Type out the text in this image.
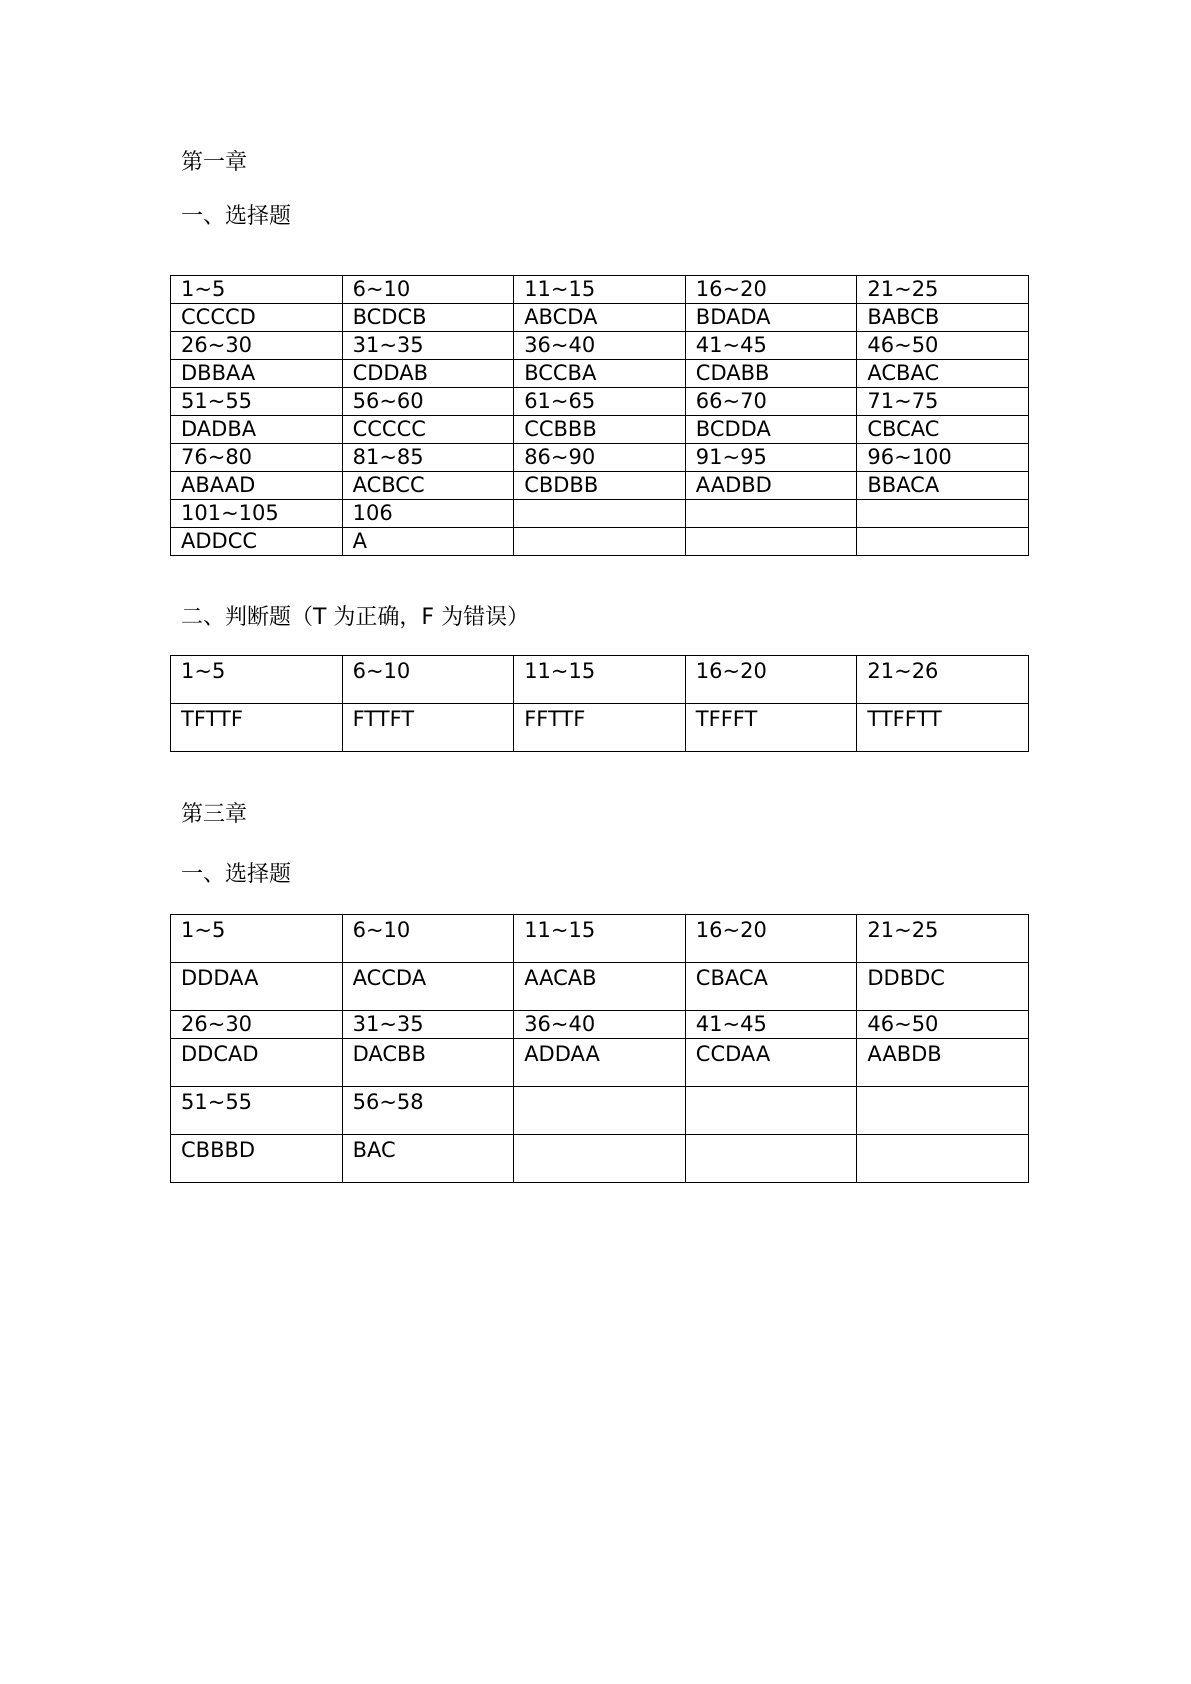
第一章
一、选择题
1~5	6~10	11~15	16~20	21~25
CCCCD	BCDCB	ABCDA	BDADA	BABCB
26~30	31~35	36~40	41~45	46~50
DBBAA	CDDAB	BCCBA	CDABB	ACBAC
51~55	56~60	61~65	66~70	71~75
DADBA	CCCCC	CCBBB	BCDDA	CBCAC
76~80	81~85	86~90	91~95	96~100
ABAAD	ACBCC	CBDBB	AADBD	BBACA
101~105	106			
ADDCC	A			
二、判断题（T 为正确，F 为错误）
1~5	6~10	11~15	16~20	21~26
TFTTF	FTTFT	FFTTF	TFFFT	TTFFTT
第三章
一、选择题
1~5	6~10	11~15	16~20	21~25
DDDAA	ACCDA	AACAB	CBACA	DDBDC
26~30	31~35	36~40	41~45	46~50
DDCAD	DACBB	ADDAA	CCDAA	AABDB
51~55	56~58			
CBBBD	BAC			
